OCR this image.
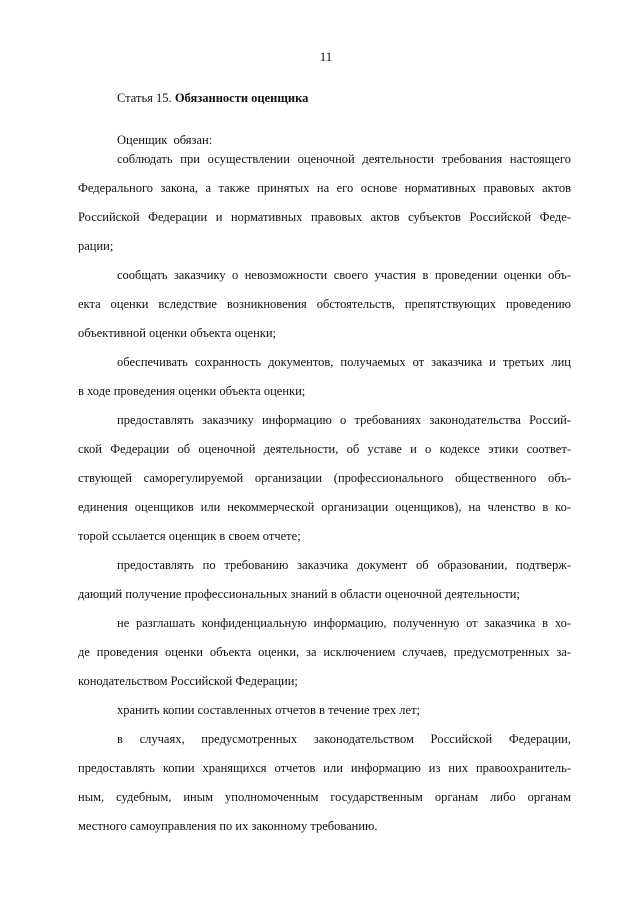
11
Статья 15. Обязанности оценщика
Оценщик обязан:
соблюдать при осуществлении оценочной деятельности требования настоящего
Федерального закона, а также принятых на его основе нормативных правовых актов
Российской Федерации и нормативных правовых актов субъектов Российской Феде-
рации;
сообщать заказчику о невозможности своего участия в проведении оценки объ-
екта оценки вследствие возникновения обстоятельств, препятствующих проведению
объективной оценки объекта оценки;
обеспечивать сохранность документов, получаемых от заказчика и третьих лиц
в ходе проведения оценки объекта оценки;
предоставлять заказчику информацию о требованиях законодательства Россий-
ской Федерации об оценочной деятельности, об уставе и о кодексе этики соответ-
ствующей саморегулируемой организации (профессионального общественного объ-
единения оценщиков или некоммерческой организации оценщиков), на членство в ко-
торой ссылается оценщик в своем отчете;
предоставлять по требованию заказчика документ об образовании, подтверж-
дающий получение профессиональных знаний в области оценочной деятельности;
не разглашать конфиденциальную информацию, полученную от заказчика в хо-
де проведения оценки объекта оценки, за исключением случаев, предусмотренных за-
конодательством Российской Федерации;
хранить копии составленных отчетов в течение трех лет;
в случаях, предусмотренных законодательством Российской Федерации,
предоставлять копии хранящихся отчетов или информацию из них правоохранитель-
ным, судебным, иным уполномоченным государственным органам либо органам
местного самоуправления по их законному требованию.
